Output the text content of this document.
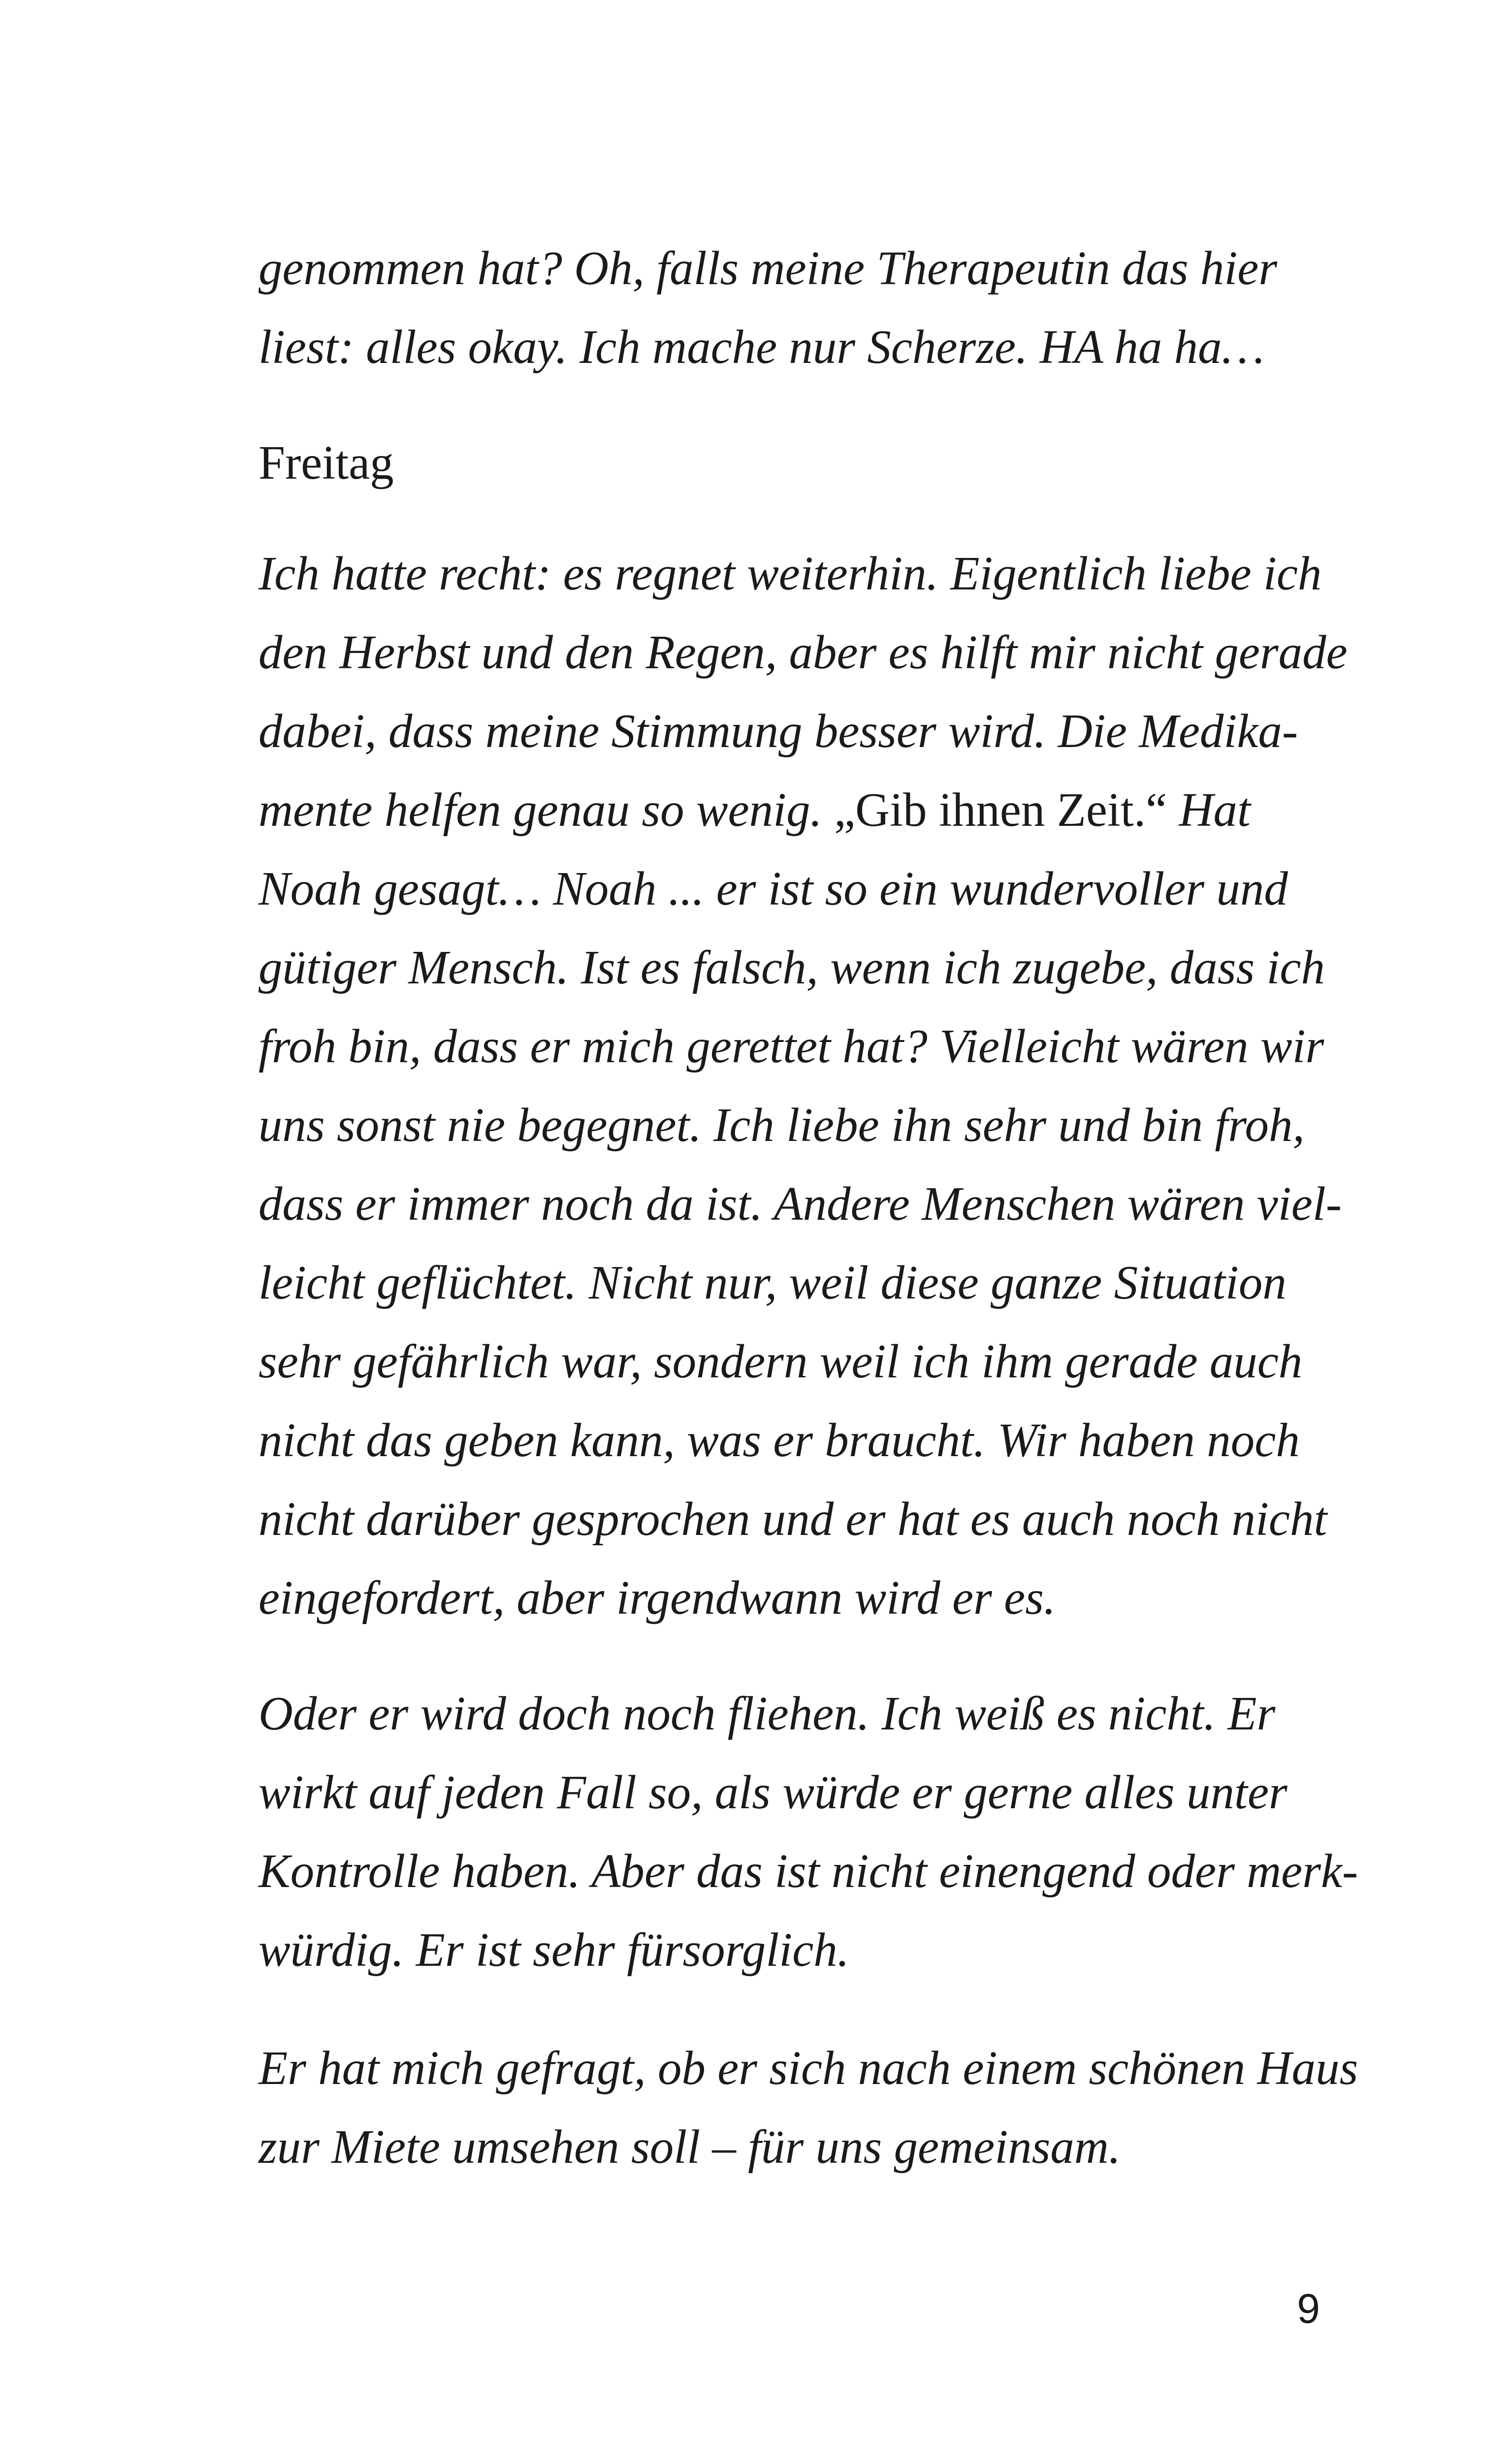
genommen hat? Oh, falls meine Therapeutin das hier
liest: alles okay. Ich mache nur Scherze. HA ha ha…
Freitag
Ich hatte recht: es regnet weiterhin. Eigentlich liebe ich
den Herbst und den Regen, aber es hilft mir nicht gerade
dabei, dass meine Stimmung besser wird. Die Medika-
mente helfen genau so wenig. „Gib ihnen Zeit.“ Hat
Noah gesagt… Noah ... er ist so ein wundervoller und
gütiger Mensch. Ist es falsch, wenn ich zugebe, dass ich
froh bin, dass er mich gerettet hat? Vielleicht wären wir
uns sonst nie begegnet. Ich liebe ihn sehr und bin froh,
dass er immer noch da ist. Andere Menschen wären viel-
leicht geflüchtet. Nicht nur, weil diese ganze Situation
sehr gefährlich war, sondern weil ich ihm gerade auch
nicht das geben kann, was er braucht. Wir haben noch
nicht darüber gesprochen und er hat es auch noch nicht
eingefordert, aber irgendwann wird er es.
Oder er wird doch noch fliehen. Ich weiß es nicht. Er
wirkt auf jeden Fall so, als würde er gerne alles unter
Kontrolle haben. Aber das ist nicht einengend oder merk-
würdig. Er ist sehr fürsorglich.
Er hat mich gefragt, ob er sich nach einem schönen Haus
zur Miete umsehen soll – für uns gemeinsam.
9
